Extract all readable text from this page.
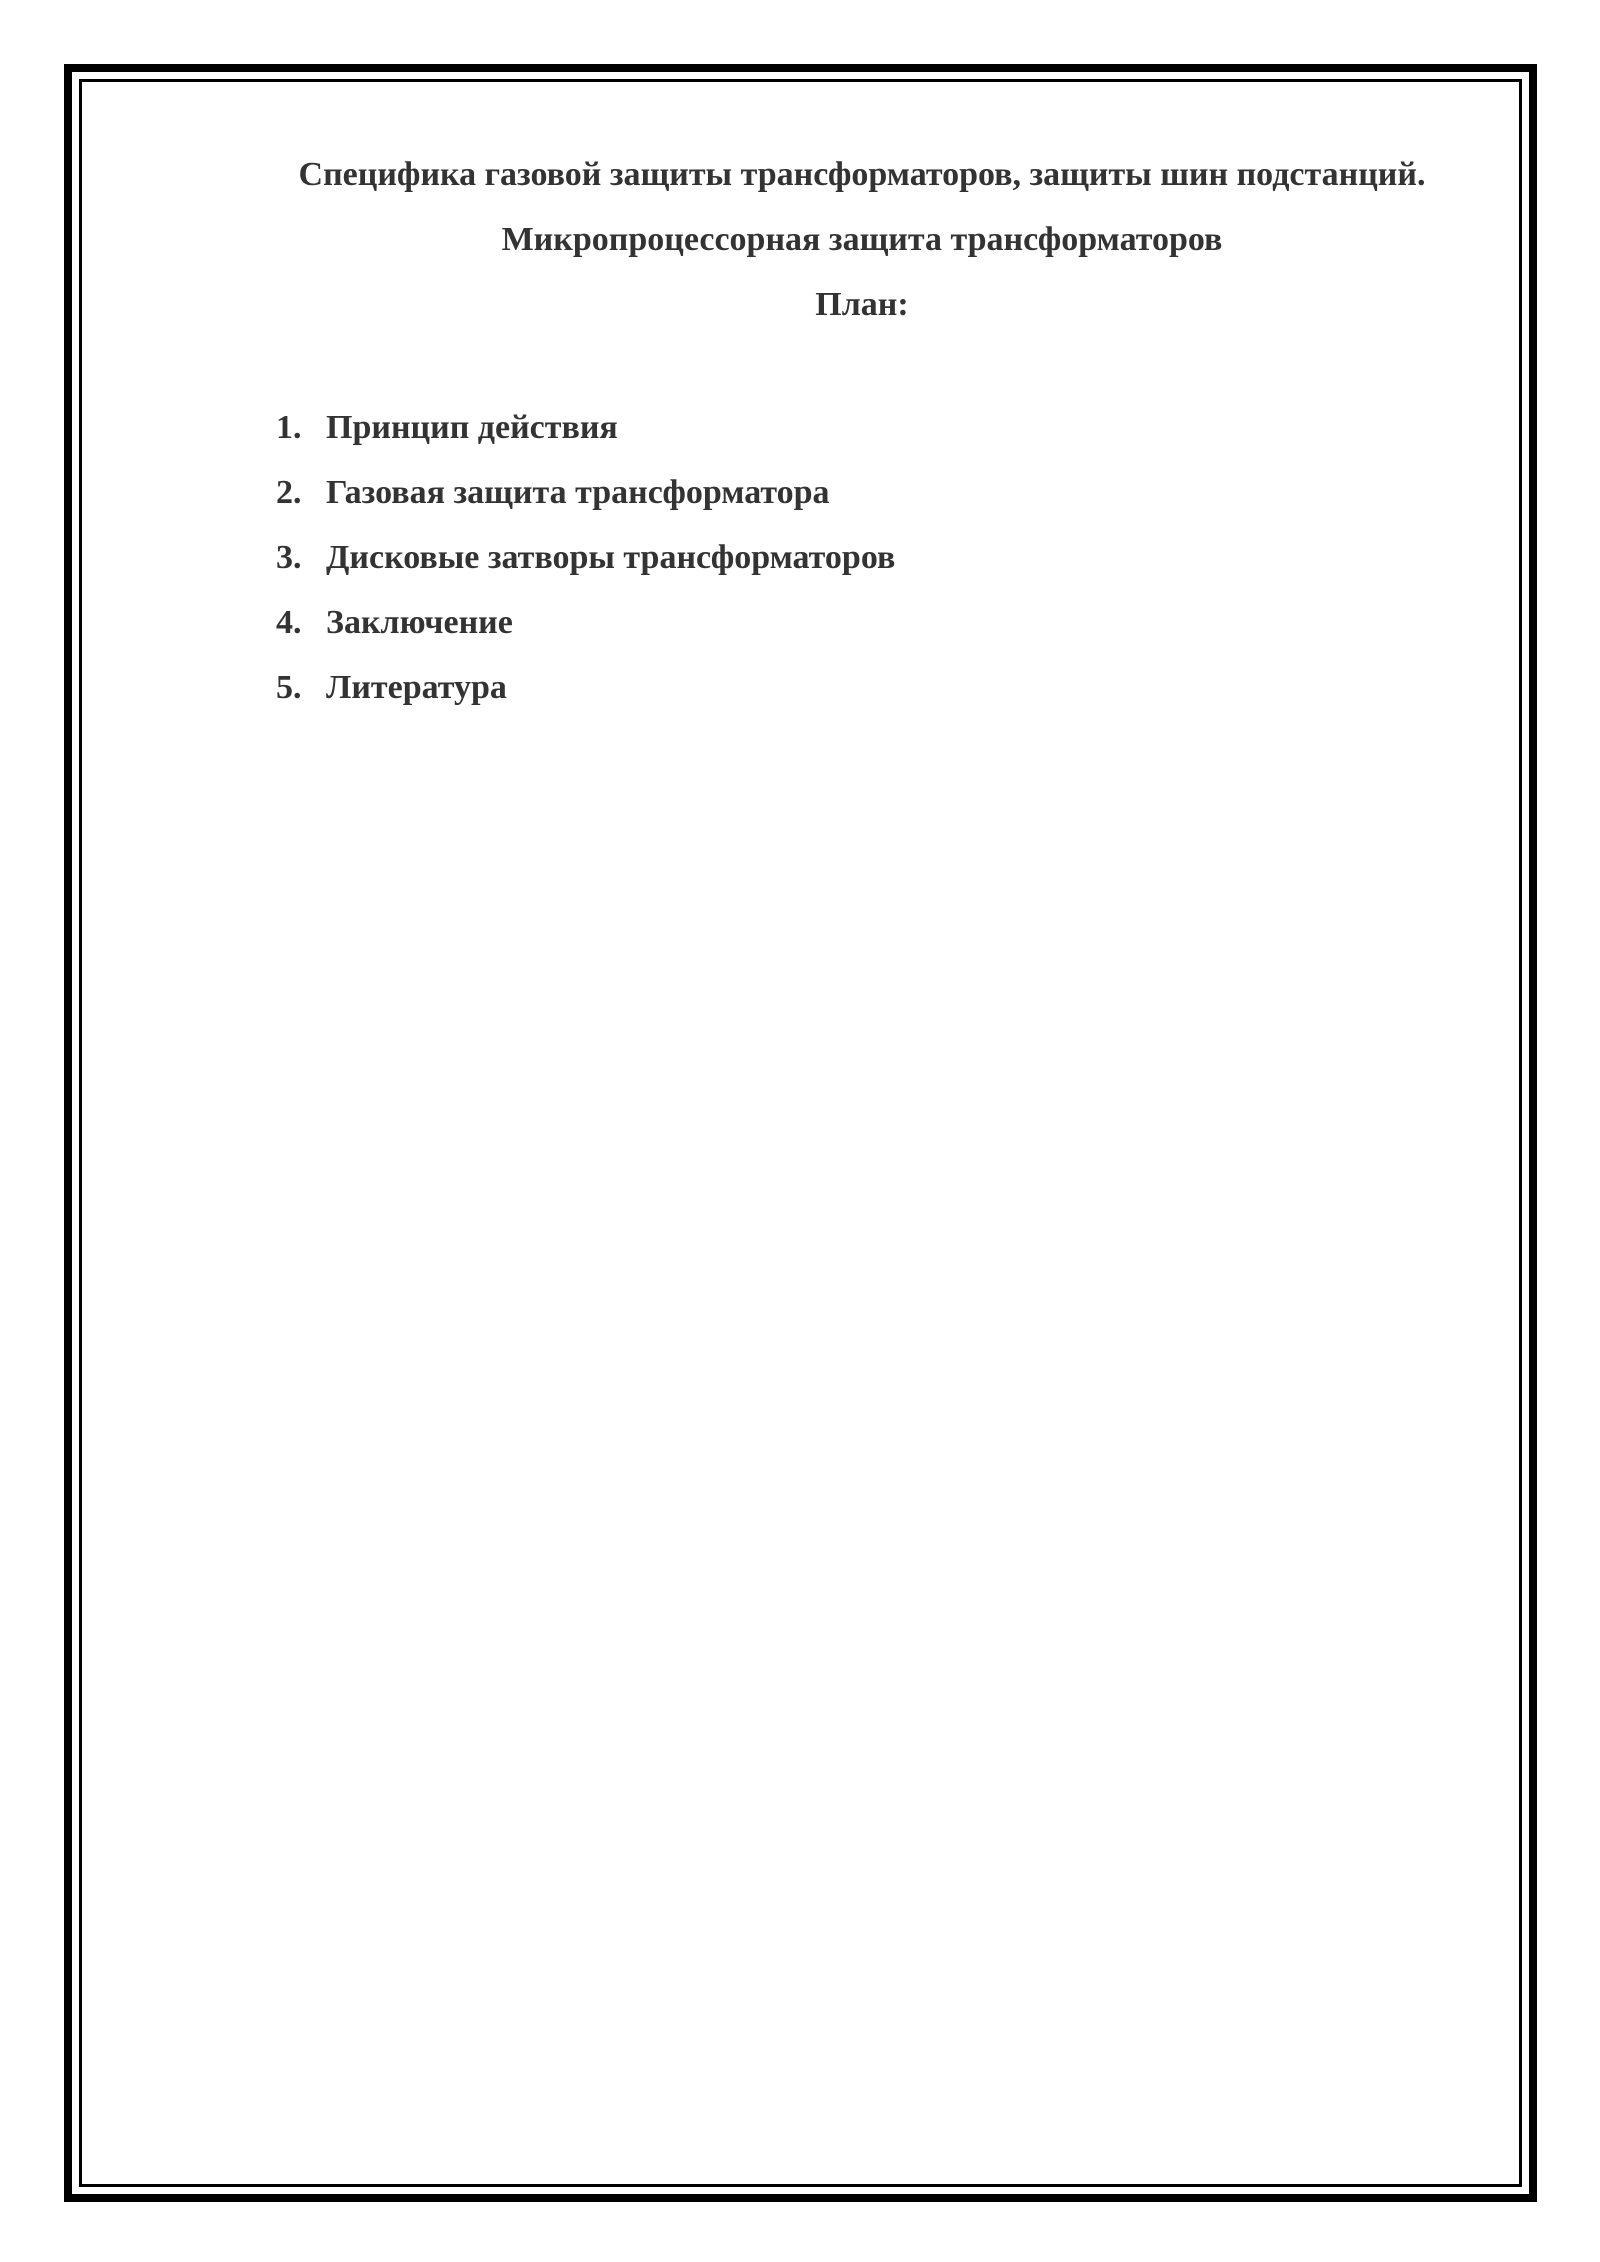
Специфика газовой защиты трансформаторов, защиты шин подстанций.
Микропроцессорная защита трансформаторов
План:
1. Принцип действия
2. Газовая защита трансформатора
3. Дисковые затворы трансформаторов
4. Заключение
5. Литература
